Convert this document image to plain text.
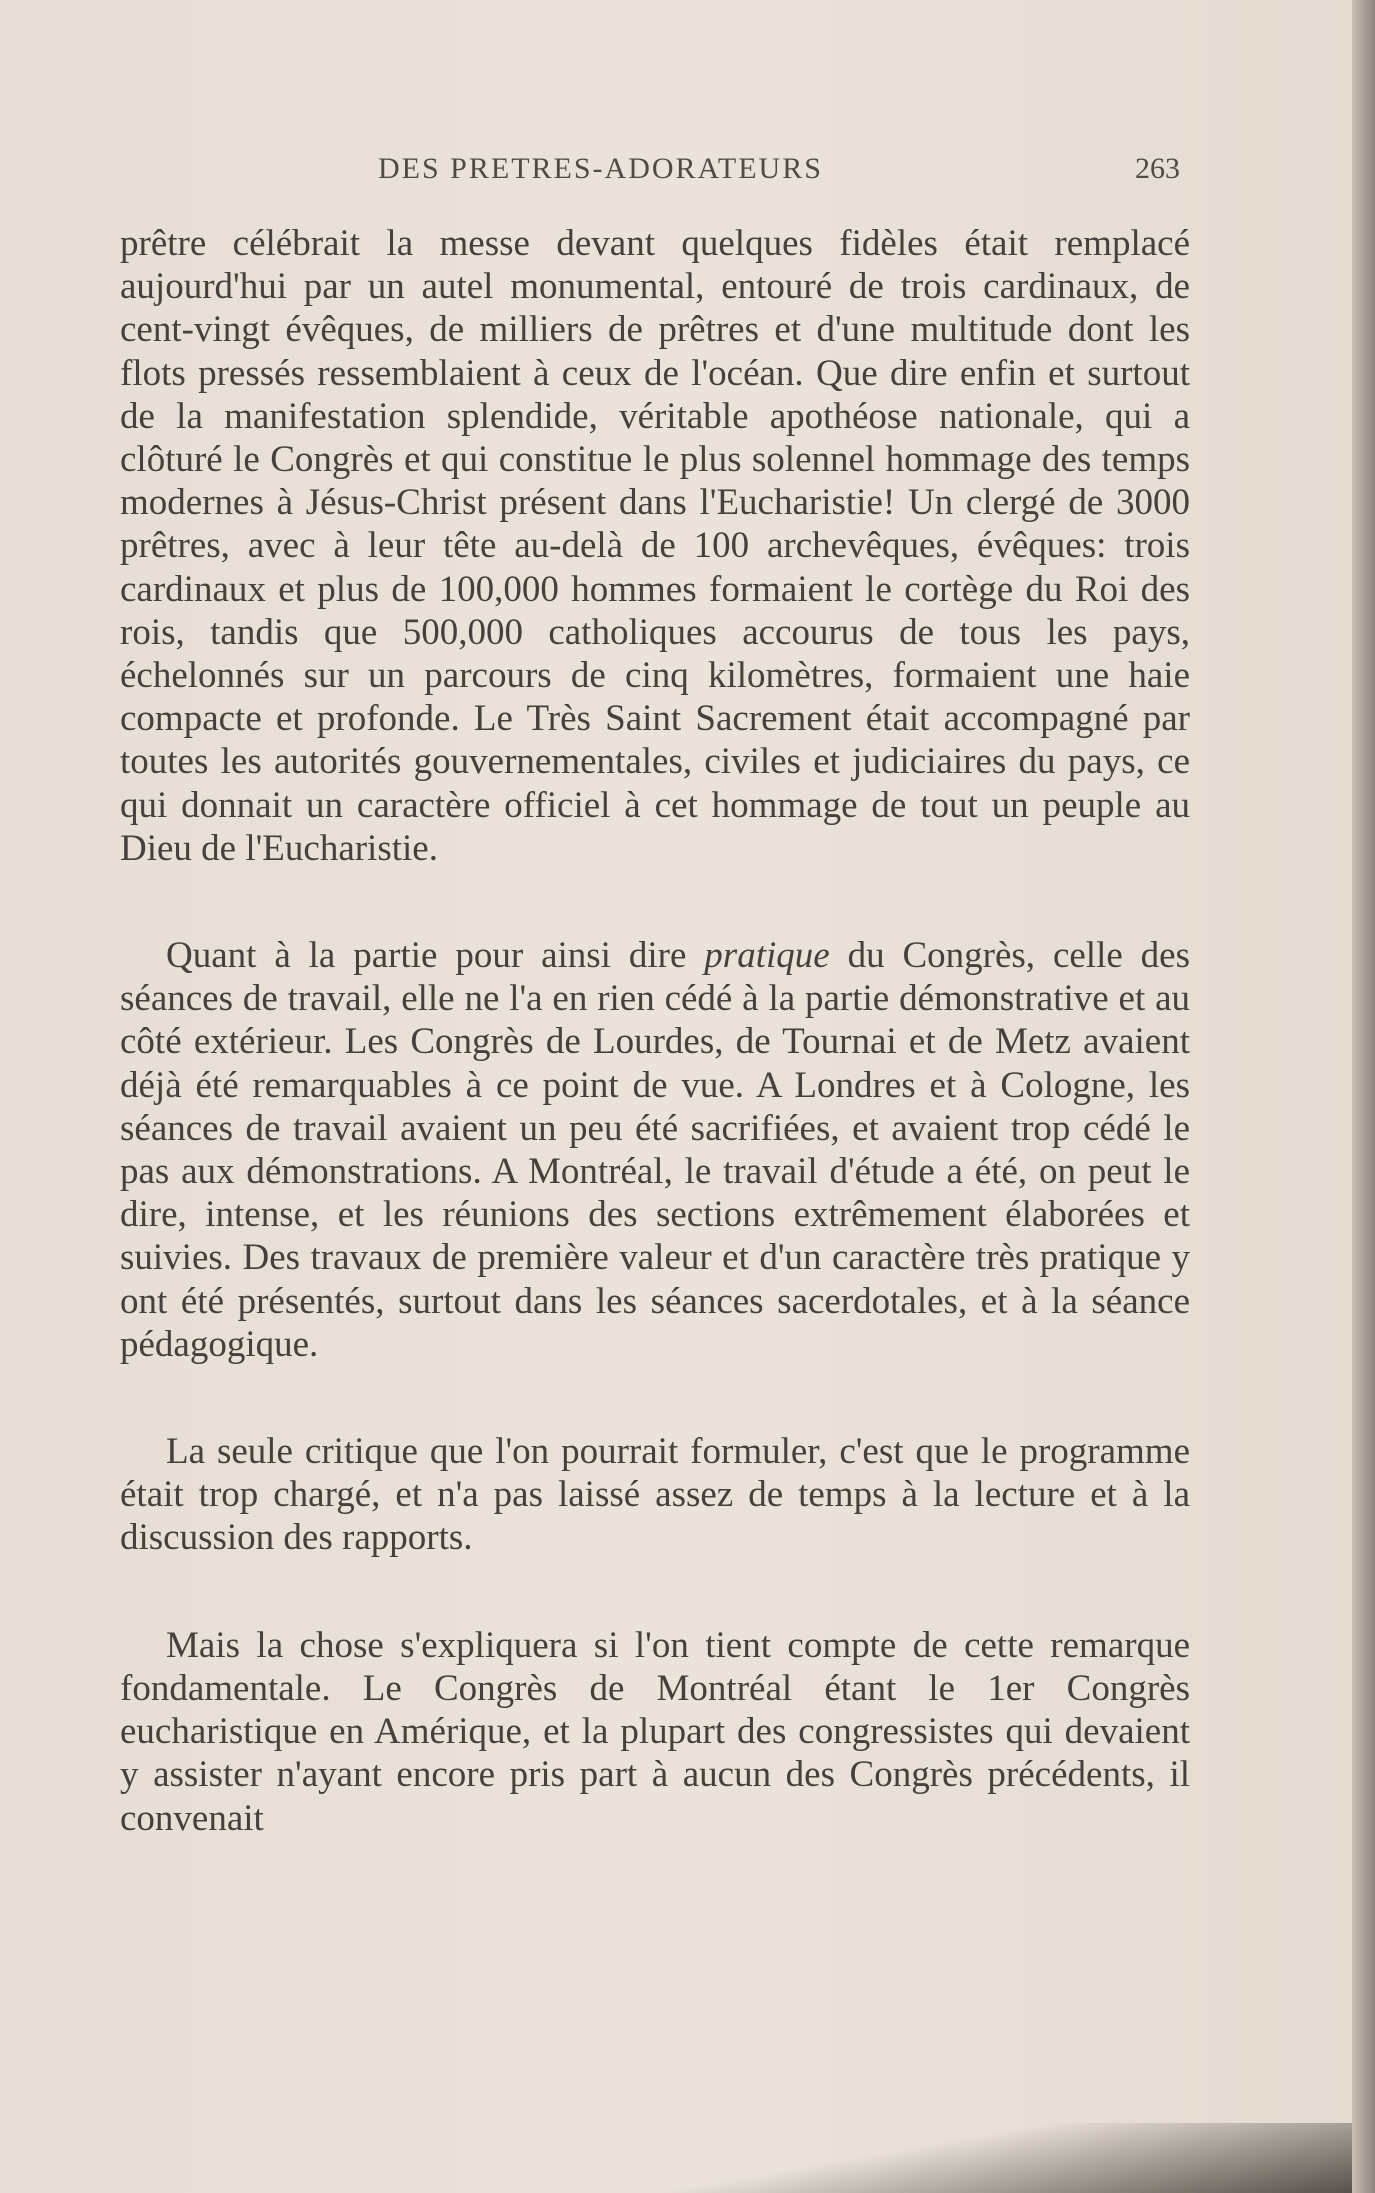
DES PRETRES-ADORATEURS	263

prêtre célébrait la messe devant quelques fidèles était remplacé aujourd'hui par un autel monumental, entouré de trois cardinaux, de cent-vingt évêques, de milliers de prêtres et d'une multitude dont les flots pressés ressemblaient à ceux de l'océan. Que dire enfin et surtout de la manifestation splendide, véritable apothéose nationale, qui a clôturé le Congrès et qui constitue le plus solennel hommage des temps modernes à Jésus-Christ présent dans l'Eucharistie! Un clergé de 3000 prêtres, avec à leur tête au-delà de 100 archevêques, évêques: trois cardinaux et plus de 100,000 hommes formaient le cortège du Roi des rois, tandis que 500,000 catholiques accourus de tous les pays, échelonnés sur un parcours de cinq kilomètres, formaient une haie compacte et profonde. Le Très Saint Sacrement était accompagné par toutes les autorités gouvernementales, civiles et judiciaires du pays, ce qui donnait un caractère officiel à cet hommage de tout un peuple au Dieu de l'Eucharistie.

Quant à la partie pour ainsi dire pratique du Congrès, celle des séances de travail, elle ne l'a en rien cédé à la partie démonstrative et au côté extérieur. Les Congrès de Lourdes, de Tournai et de Metz avaient déjà été remarquables à ce point de vue. A Londres et à Cologne, les séances de travail avaient un peu été sacrifiées, et avaient trop cédé le pas aux démonstrations. A Montréal, le travail d'étude a été, on peut le dire, intense, et les réunions des sections extrêmement élaborées et suivies. Des travaux de première valeur et d'un caractère très pratique y ont été présentés, surtout dans les séances sacerdotales, et à la séance pédagogique.

La seule critique que l'on pourrait formuler, c'est que le programme était trop chargé, et n'a pas laissé assez de temps à la lecture et à la discussion des rapports.

Mais la chose s'expliquera si l'on tient compte de cette remarque fondamentale. Le Congrès de Montréal étant le 1er Congrès eucharistique en Amérique, et la plupart des congressistes qui devaient y assister n'ayant encore pris part à aucun des Congrès précédents, il convenait
